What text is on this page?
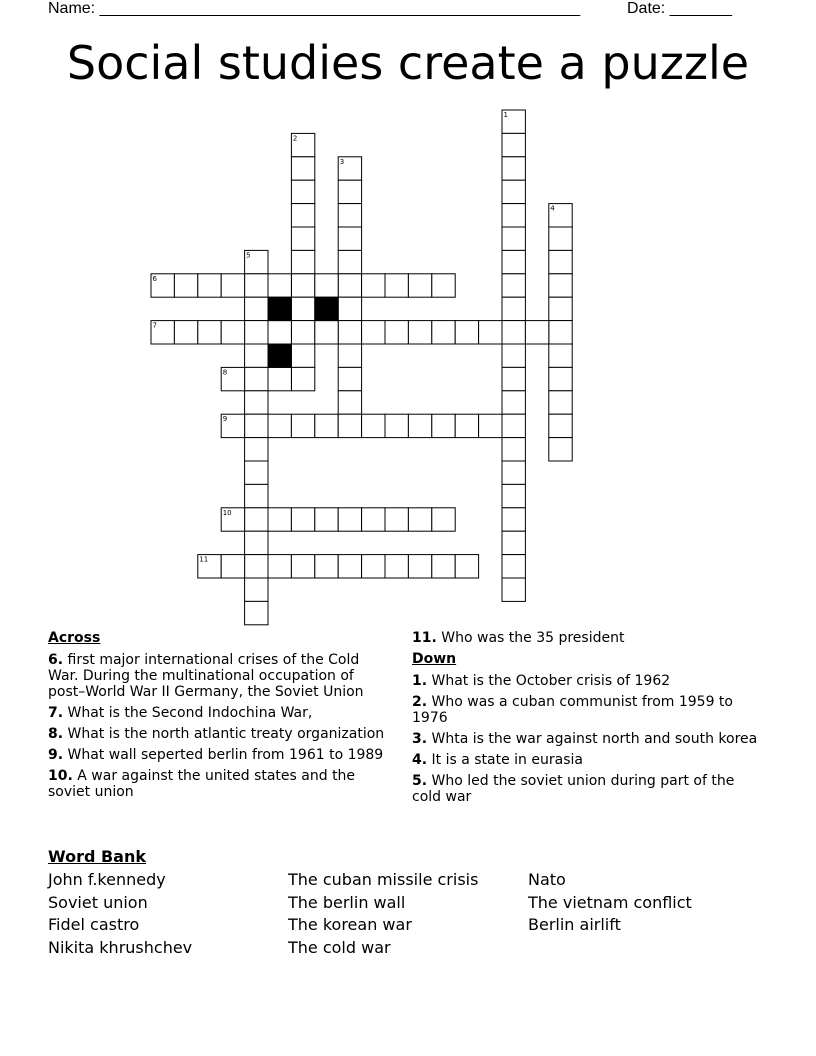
Name: ______________________________________________________	Date: _______
Social studies create a puzzle
1
2
3
4
5
6
7
8
9
10
11
Across
6. first major international crises of the Cold War. During the multinational occupation of post–World War II Germany, the Soviet Union
7. What is the Second Indochina War,
8. What is the north atlantic treaty organization
9. What wall seperted berlin from 1961 to 1989
10. A war against the united states and the soviet union
11. Who was the 35 president
Down
1. What is the October crisis of 1962
2. Who was a cuban communist from 1959 to 1976
3. Whta is the war against north and south korea
4. It is a state in eurasia
5. Who led the soviet union during part of the cold war
Word Bank
John f.kennedy
Soviet union
Fidel castro
Nikita khrushchev
The cuban missile crisis
The berlin wall
The korean war
The cold war
Nato
The vietnam conflict
Berlin airlift
